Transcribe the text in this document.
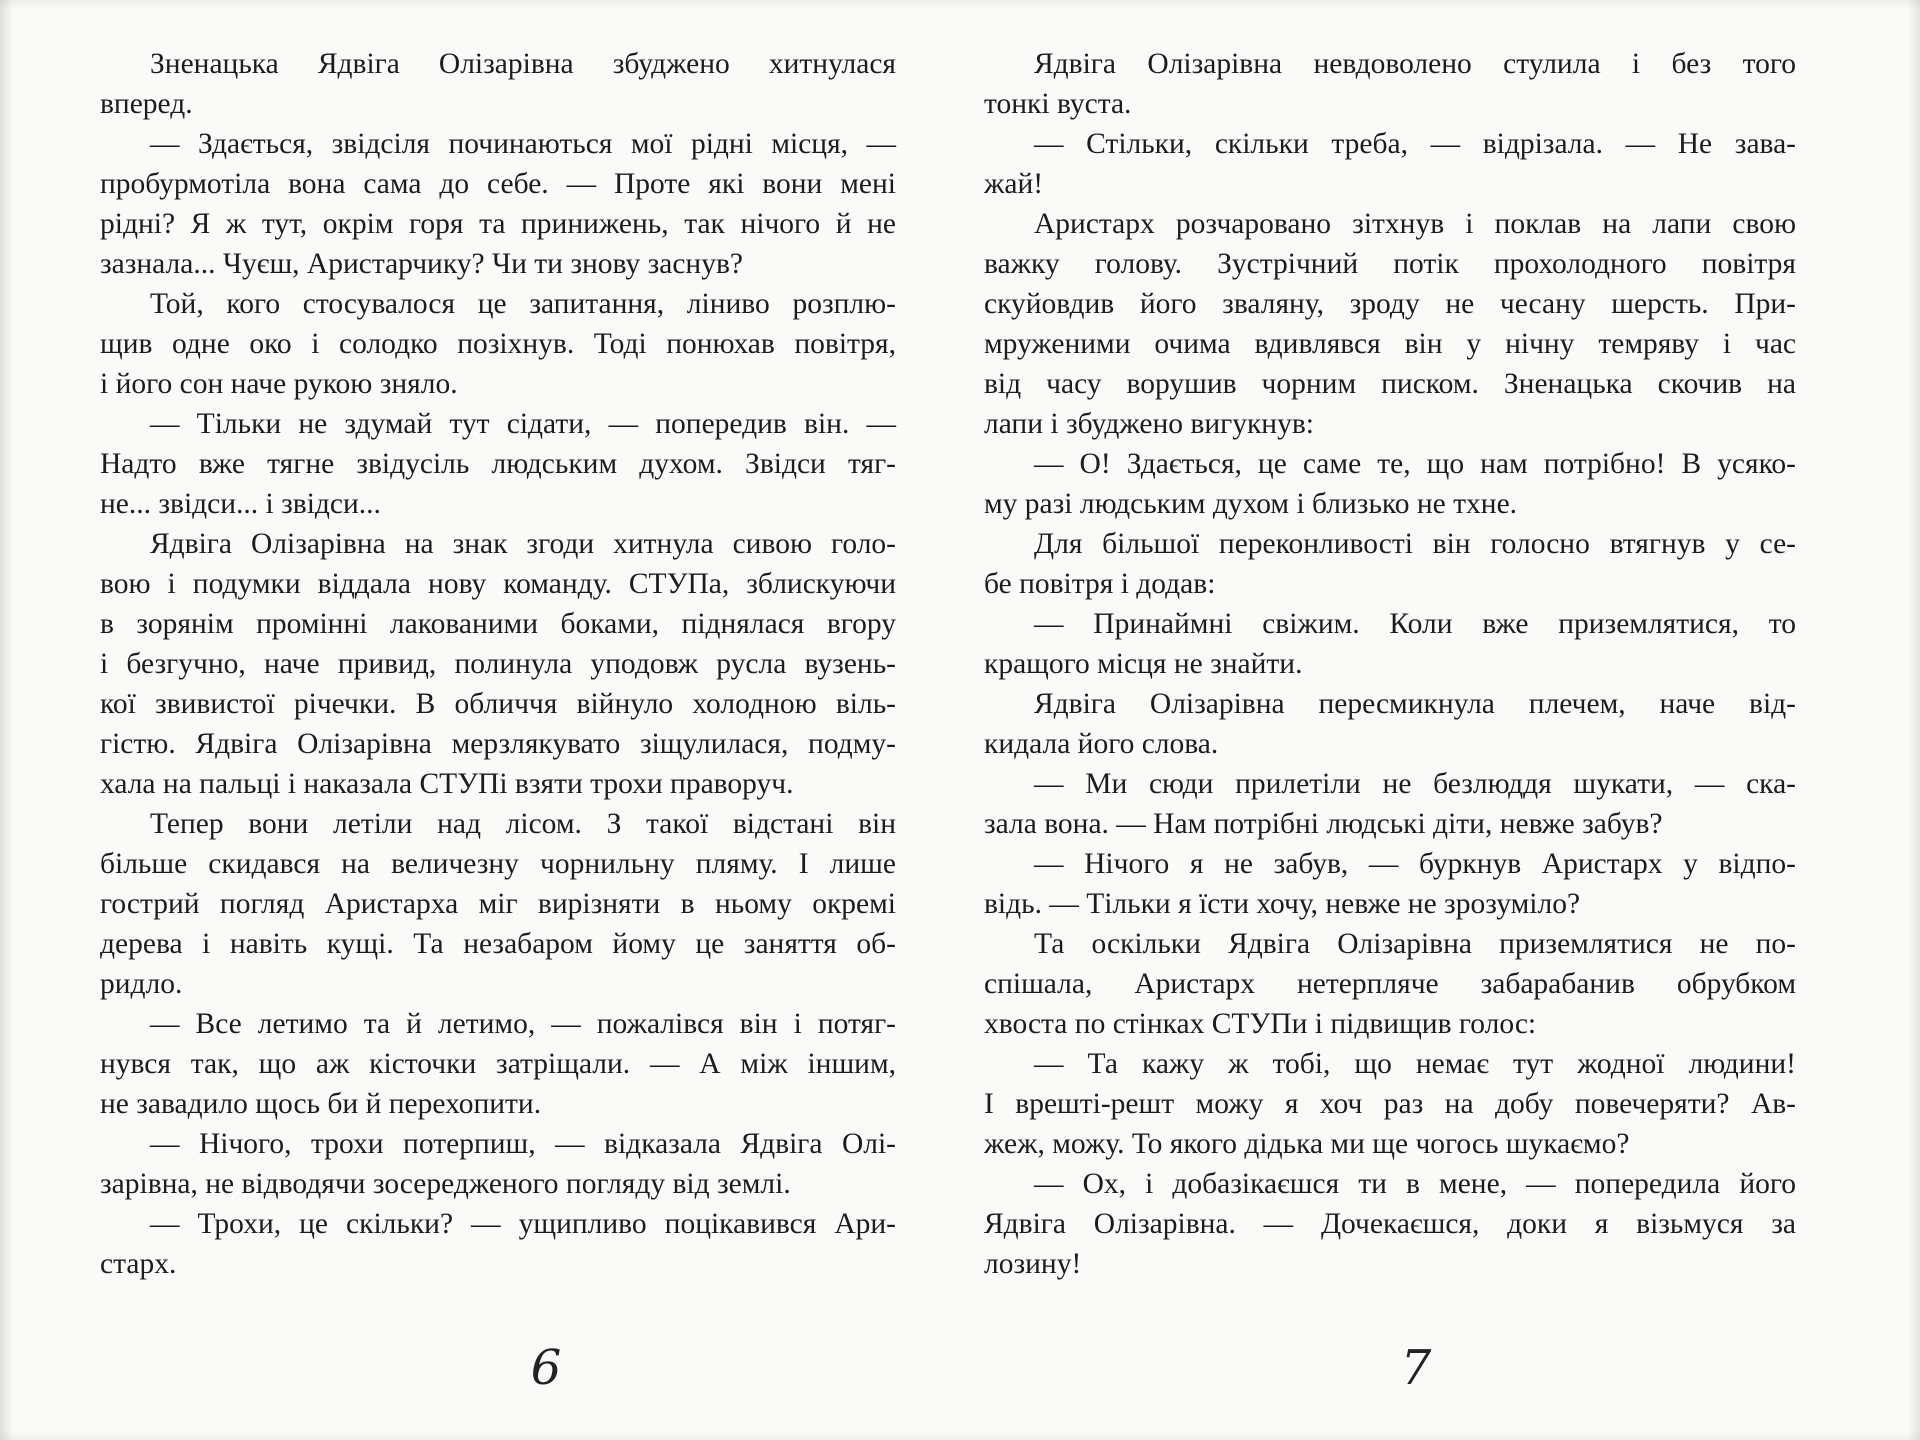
Зненацька Ядвіга Олізарівна збуджено хитнулася
вперед.
— Здається, звідсіля починаються мої рідні місця, —
пробурмотіла вона сама до себе. — Проте які вони мені
рідні? Я ж тут, окрім горя та принижень, так нічого й не
зазнала... Чуєш, Аристарчику? Чи ти знову заснув?
Той, кого стосувалося це запитання, ліниво розплю-
щив одне око і солодко позіхнув. Тоді понюхав повітря,
і його сон наче рукою зняло.
— Тільки не здумай тут сідати, — попередив він. —
Надто вже тягне звідусіль людським духом. Звідси тяг-
не... звідси... і звідси...
Ядвіга Олізарівна на знак згоди хитнула сивою голо-
вою і подумки віддала нову команду. СТУПа, зблискуючи
в зорянім промінні лакованими боками, піднялася вгору
і безгучно, наче привид, полинула уподовж русла вузень-
кої звивистої річечки. В обличчя війнуло холодною віль-
гістю. Ядвіга Олізарівна мерзлякувато зіщулилася, подму-
хала на пальці і наказала СТУПі взяти трохи праворуч.
Тепер вони летіли над лісом. З такої відстані він
більше скидався на величезну чорнильну пляму. І лише
гострий погляд Аристарха міг вирізняти в ньому окремі
дерева і навіть кущі. Та незабаром йому це заняття об-
ридло.
— Все летимо та й летимо, — пожалівся він і потяг-
нувся так, що аж кісточки затріщали. — А між іншим,
не завадило щось би й перехопити.
— Нічого, трохи потерпиш, — відказала Ядвіга Олі-
зарівна, не відводячи зосередженого погляду від землі.
— Трохи, це скільки? — ущипливо поцікавився Ари-
старх.
Ядвіга Олізарівна невдоволено стулила і без того
тонкі вуста.
— Стільки, скільки треба, — відрізала. — Не зава-
жай!
Аристарх розчаровано зітхнув і поклав на лапи свою
важку голову. Зустрічний потік прохолодного повітря
скуйовдив його зваляну, зроду не чесану шерсть. При-
мруженими очима вдивлявся він у нічну темряву і час
від часу ворушив чорним писком. Зненацька скочив на
лапи і збуджено вигукнув:
— О! Здається, це саме те, що нам потрібно! В усяко-
му разі людським духом і близько не тхне.
Для більшої переконливості він голосно втягнув у се-
бе повітря і додав:
— Принаймні свіжим. Коли вже приземлятися, то
кращого місця не знайти.
Ядвіга Олізарівна пересмикнула плечем, наче від-
кидала його слова.
— Ми сюди прилетіли не безлюддя шукати, — ска-
зала вона. — Нам потрібні людські діти, невже забув?
— Нічого я не забув, — буркнув Аристарх у відпо-
відь. — Тільки я їсти хочу, невже не зрозуміло?
Та оскільки Ядвіга Олізарівна приземлятися не по-
спішала, Аристарх нетерпляче забарабанив обрубком
хвоста по стінках СТУПи і підвищив голос:
— Та кажу ж тобі, що немає тут жодної людини!
І врешті-решт можу я хоч раз на добу повечеряти? Ав-
жеж, можу. То якого дідька ми ще чогось шукаємо?
— Ох, і добазікаєшся ти в мене, — попередила його
Ядвіга Олізарівна. — Дочекаєшся, доки я візьмуся за
лозину!
6	7
